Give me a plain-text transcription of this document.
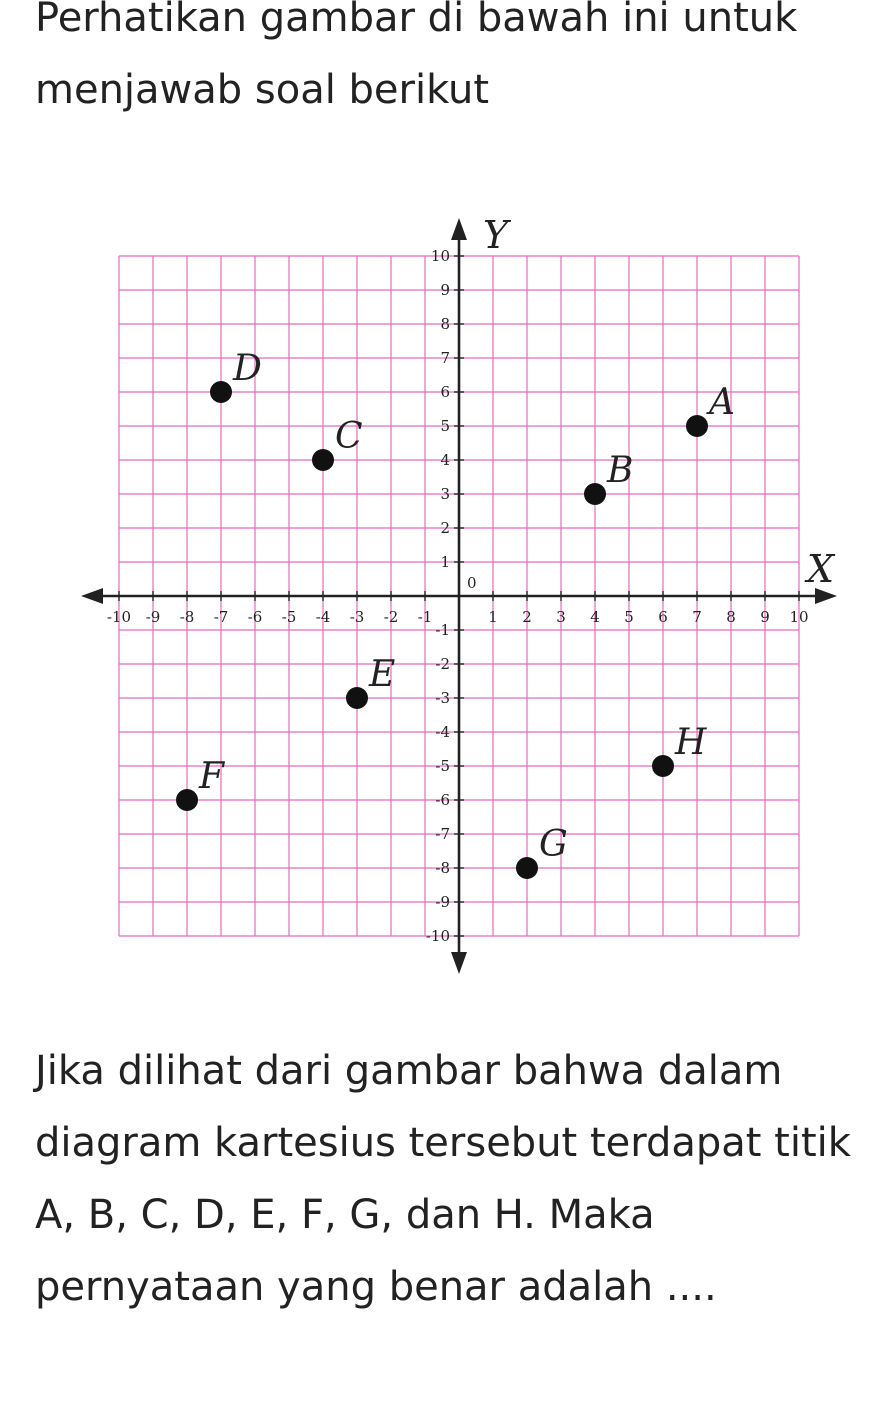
Perhatikan gambar di bawah ini untuk menjawab soal berikut

X
Y
0
-10 -9 -8 -7 -6 -5 -4 -3 -2 -1	1 2 3 4 5 6 7 8 9 10
-10
-9
-8
-7
-6
-5
-4
-3
-2
-1
1
2
3
4
5
6
7
8
9
10
A
B
C
D
E
F
G
H

Jika dilihat dari gambar bahwa dalam diagram kartesius tersebut terdapat titik A, B, C, D, E, F, G, dan H. Maka pernyataan yang benar adalah ....
